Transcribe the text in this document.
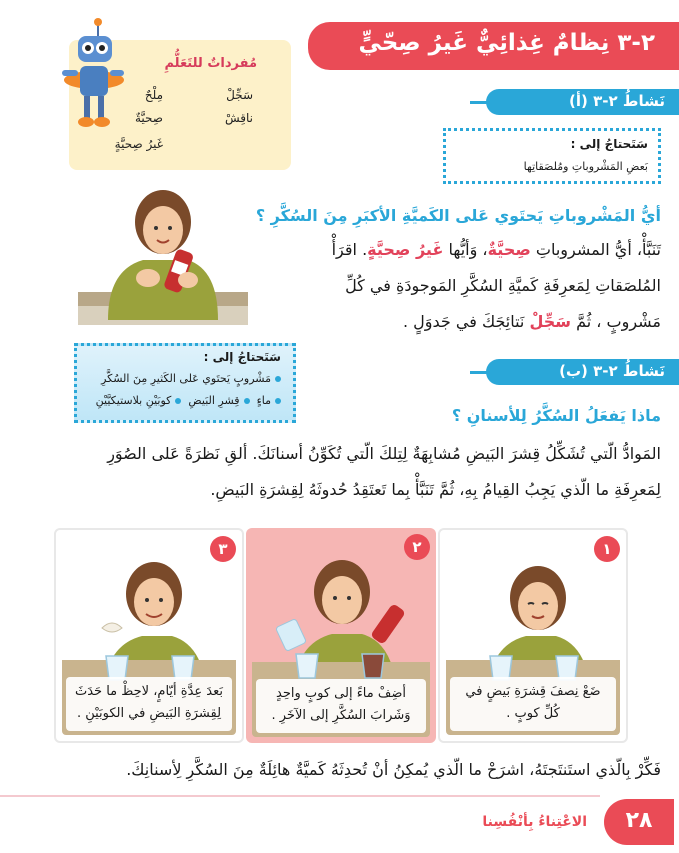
٢-٣ نِظامٌ غِذائِيٌّ غَيرُ صِحّيٍّ
مُفرداتٌ للتَعَلُّمِ
سَجِّلْ
مِلْحٌ
ناقِشْ
صِحيَّةٌ
غَيرُ صِحيَّةٍ
نَشاطُ ٢-٣ (أ)
سَتَحتاجُ إلى :
بَعضِ المَشْروباتِ ومُلصَقاتِها
أيُّ المَشْروباتِ يَحتَوي عَلى الكَميَّةِ الأكبَرِ مِنَ السُكَّرِ ؟
تَنَبَّأْ، أيُّ المشروباتِ صِحيَّةٌ، وَأيُّها غَيرُ صِحيَّةٍ. اقرَأْ
المُلصَقاتِ لِمَعرِفَةِ كَميَّةِ السُكَّرِ المَوجودَةِ في كُلِّ
مَشْروبٍ ، ثُمَّ سَجِّلْ نَتائِجَكَ في جَدوَلٍ .
نَشاطُ ٢-٣ (ب)
سَتَحتاجُ إلى :
مَشْروبٍ يَحتَوي عَلى الكَثيرِ مِنَ السُكَّرِ
ماءٍ  قِشرِ البَيضِ  كوبَيْنِ بلاستيكيَّيْنِ
ماذا يَفعَلُ السُكَّرُ لِلأسنانِ ؟
المَوادُّ الّتي تُشَكِّلُ قِشرَ البَيضِ مُشابِهَةٌ لِتِلكَ الّتي تُكَوِّنُ أسنانَكَ. ألقِ نَظرَةً عَلى الصُوَرِ
لِمَعرِفَةِ ما الّذي يَجِبُ القِيامُ بِهِ، ثُمَّ تَنَبَّأْ بِما تَعتَقِدُ حُدوثَهُ لِقِشرَةِ البَيضِ.
١
ضَعْ نِصفَ قِشرَةِ بَيضٍ في
كُلِّ كوبٍ .
٢
أضِفْ ماءً إلى كوبٍ واحِدٍ
وَشَرابَ السُكَّرِ إلى الآخَرِ .
٣
بَعدَ عِدَّةِ أيّامٍ، لاحِظْ ما حَدَثَ
لِقِشرَةِ البَيضِ في الكوبَيْنِ .
فَكِّرْ بِالّذي استَنتَجتَهُ، اشرَحْ ما الّذي يُمكِنُ أنْ تُحدِثَهُ كَميَّةٌ هائِلَةٌ مِنَ السُكَّرِ لِأسنانِكَ.
٢٨
الاعْتِناءُ بِأنْفُسِنا
